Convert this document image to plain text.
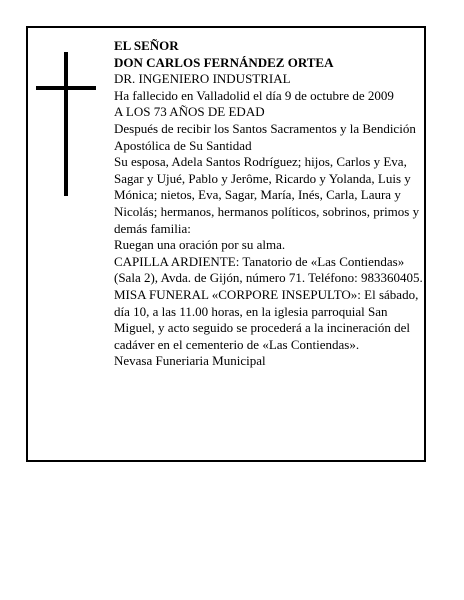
EL SEÑOR

DON CARLOS FERNÁNDEZ ORTEA

DR. INGENIERO INDUSTRIAL

Ha fallecido en Valladolid el día 9 de octubre de 2009

A LOS 73 AÑOS DE EDAD

Después de recibir los Santos Sacramentos y la Bendición Apostólica de Su Santidad

Su esposa, Adela Santos Rodríguez; hijos, Carlos y Eva, Sagar y Ujué, Pablo y Jerôme, Ricardo y Yolanda, Luis y Mónica; nietos, Eva, Sagar, María, Inés, Carla, Laura y Nicolás; hermanos, hermanos políticos, sobrinos, primos y demás familia:

Ruegan una oración por su alma.

CAPILLA ARDIENTE: Tanatorio de «Las Contiendas» (Sala 2), Avda. de Gijón, número 71. Teléfono: 983360405.

MISA FUNERAL «CORPORE INSEPULTO»: El sábado, día 10, a las 11.00 horas, en la iglesia parroquial San Miguel, y acto seguido se procederá a la incineración del cadáver en el cementerio de «Las Contiendas».

Nevasa Funeriaria Municipal
